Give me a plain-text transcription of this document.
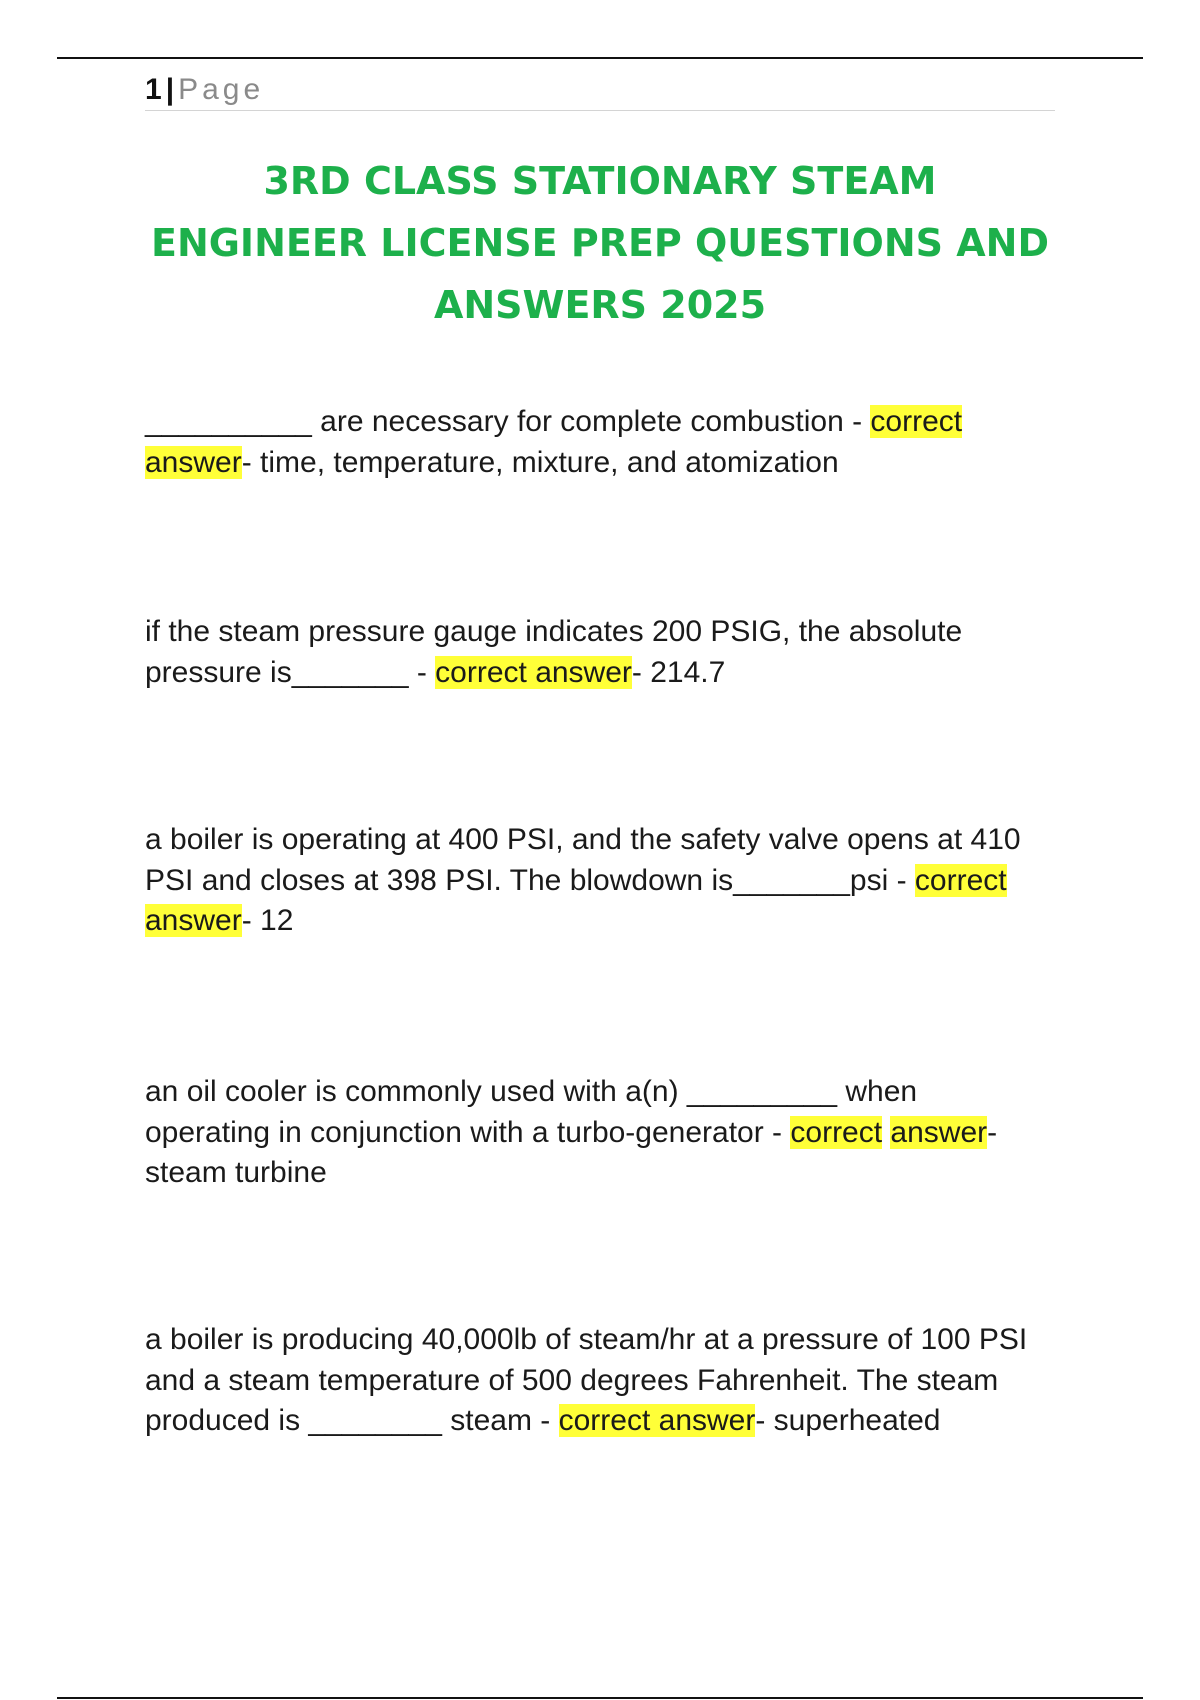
1 | Page
3RD CLASS STATIONARY STEAM ENGINEER LICENSE PREP QUESTIONS AND ANSWERS 2025

__________ are necessary for complete combustion - correct answer- time, temperature, mixture, and atomization

if the steam pressure gauge indicates 200 PSIG, the absolute pressure is_______ - correct answer- 214.7

a boiler is operating at 400 PSI, and the safety valve opens at 410 PSI and closes at 398 PSI. The blowdown is_______psi - correct answer- 12

an oil cooler is commonly used with a(n) _________ when operating in conjunction with a turbo-generator - correct answer- steam turbine

a boiler is producing 40,000lb of steam/hr at a pressure of 100 PSI and a steam temperature of 500 degrees Fahrenheit. The steam produced is ________ steam - correct answer- superheated
